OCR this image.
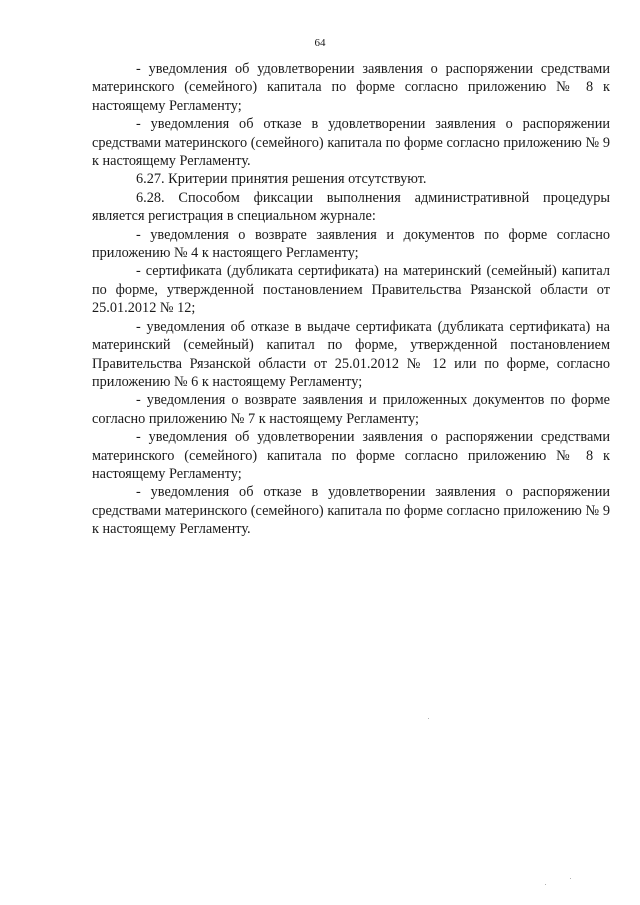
64

- уведомления об удовлетворении заявления о распоряжении средствами материнского (семейного) капитала по форме согласно приложению № 8 к настоящему Регламенту;

- уведомления об отказе в удовлетворении заявления о распоряжении средствами материнского (семейного) капитала по форме согласно приложению № 9 к настоящему Регламенту.

6.27. Критерии принятия решения отсутствуют.

6.28. Способом фиксации выполнения административной процедуры является регистрация в специальном журнале:

- уведомления о возврате заявления и документов по форме согласно приложению № 4 к настоящего Регламенту;

- сертификата (дубликата сертификата) на материнский (семейный) капитал по форме, утвержденной постановлением Правительства Рязанской области от 25.01.2012 № 12;

- уведомления об отказе в выдаче сертификата (дубликата сертификата) на материнский (семейный) капитал по форме, утвержденной постановлением Правительства Рязанской области от 25.01.2012 № 12 или по форме, согласно приложению № 6 к настоящему Регламенту;

- уведомления о возврате заявления и приложенных документов по форме согласно приложению № 7 к настоящему Регламенту;

- уведомления об удовлетворении заявления о распоряжении средствами материнского (семейного) капитала по форме согласно приложению № 8 к настоящему Регламенту;

- уведомления об отказе в удовлетворении заявления о распоряжении средствами материнского (семейного) капитала по форме согласно приложению № 9 к настоящему Регламенту.
